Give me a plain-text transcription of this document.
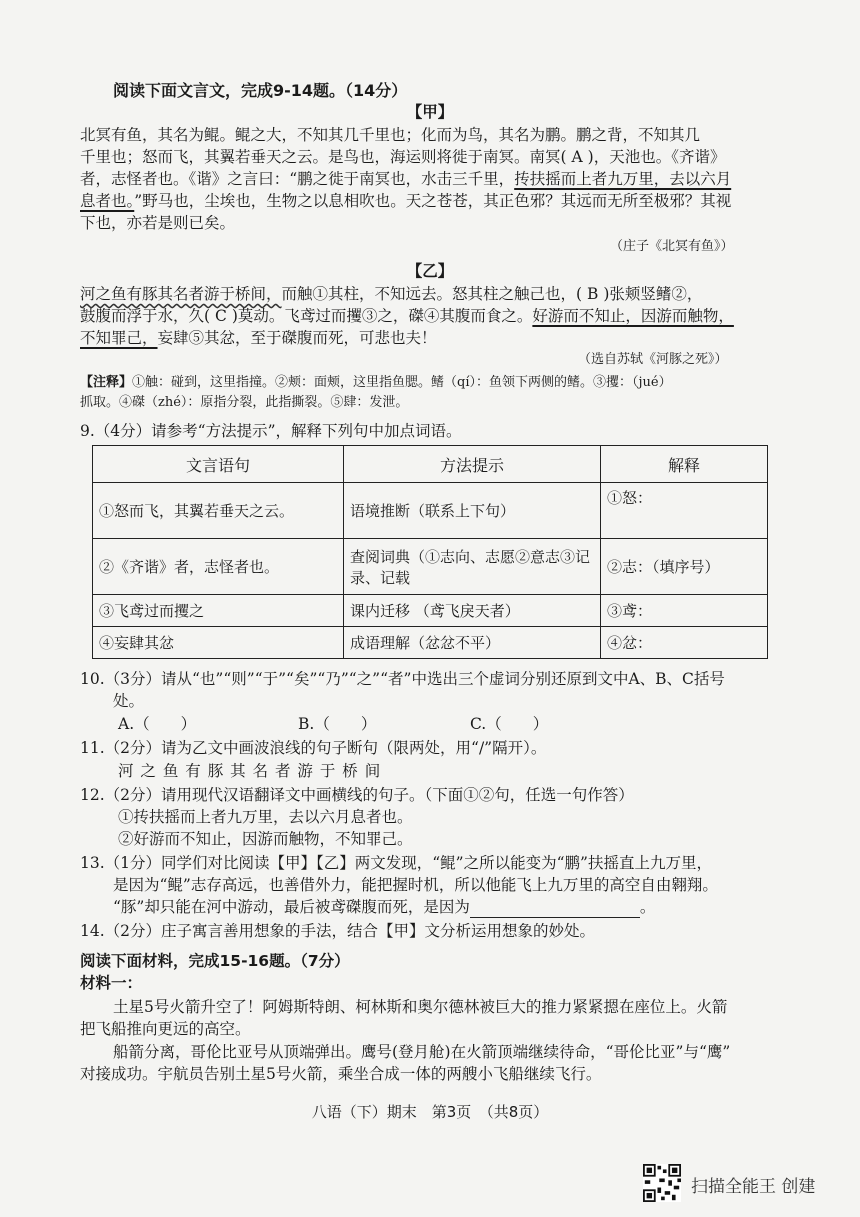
阅读下面文言文，完成9-14题。（14分）
【甲】
北冥有鱼，其名为鲲。鲲之大，不知其几千里也；化而为鸟，其名为鹏。鹏之背，不知其几
千里也；怒而飞，其翼若垂天之云。是鸟也，海运则将徙于南冥。南冥( A )，天池也。《齐谐》
者，志怪者也。《谐》之言曰：“鹏之徙于南冥也，水击三千里，抟扶摇而上者九万里，去以六月
息者也。”野马也，尘埃也，生物之以息相吹也。天之苍苍，其正色邪？其远而无所至极邪？其视
下也，亦若是则已矣。
（庄子《北冥有鱼》）
【乙】
河之鱼有豚其名者游于桥间，而触①其柱，不知远去。怒其柱之触己也，( B )张颊竖鳍②，
鼓腹而浮于水，久( C )莫动。飞鸢过而攫③之，磔④其腹而食之。好游而不知止，因游而触物，
不知罪己，妄肆⑤其忿，至于磔腹而死，可悲也夫！
（选自苏轼《河豚之死》）
【注释】①触：碰到，这里指撞。②颊：面颊，这里指鱼腮。鳍（qí）：鱼领下两侧的鳍。③攫：（jué）
抓取。④磔（zhé）：原指分裂，此指撕裂。⑤肆：发泄。
9.（4分）请参考“方法提示”，解释下列句中加点词语。
文言语句	方法提示	解释
①怒而飞，其翼若垂天之云。	语境推断（联系上下句）	①怒：
②《齐谐》者，志怪者也。	查阅词典（①志向、志愿②意志③记录、记载	②志：（填序号）
③飞鸢过而攫之	课内迁移 （鸢飞戾天者）	③鸢：
④妄肆其忿	成语理解（忿忿不平）	④忿：
10.（3分）请从“也”“则”“于”“矣”“乃”“之”“者”中选出三个虚词分别还原到文中A、B、C括号
处。
A.（　　）	B.（　　）	C.（　　）
11.（2分）请为乙文中画波浪线的句子断句（限两处，用“/”隔开）。
河 之 鱼 有 豚 其 名 者 游 于 桥 间
12.（2分）请用现代汉语翻译文中画横线的句子。（下面①②句，任选一句作答）
①抟扶摇而上者九万里，去以六月息者也。
②好游而不知止，因游而触物，不知罪己。
13.（1分）同学们对比阅读【甲】【乙】两文发现，“鲲”之所以能变为“鹏”扶摇直上九万里，
是因为“鲲”志存高远，也善借外力，能把握时机，所以他能飞上九万里的高空自由翱翔。
“豚”却只能在河中游动，最后被鸢磔腹而死，是因为	。
14.（2分）庄子寓言善用想象的手法，结合【甲】文分析运用想象的妙处。
阅读下面材料，完成15-16题。（7分）
材料一：
土星5号火箭升空了！阿姆斯特朗、柯林斯和奥尔德林被巨大的推力紧紧摁在座位上。火箭
把飞船推向更远的高空。
船箭分离，哥伦比亚号从顶端弹出。鹰号(登月舱)在火箭顶端继续待命，“哥伦比亚”与“鹰”
对接成功。宇航员告别土星5号火箭，乘坐合成一体的两艘小飞船继续飞行。
八语（下）期末　第3页　（共8页）
扫描全能王 创建
